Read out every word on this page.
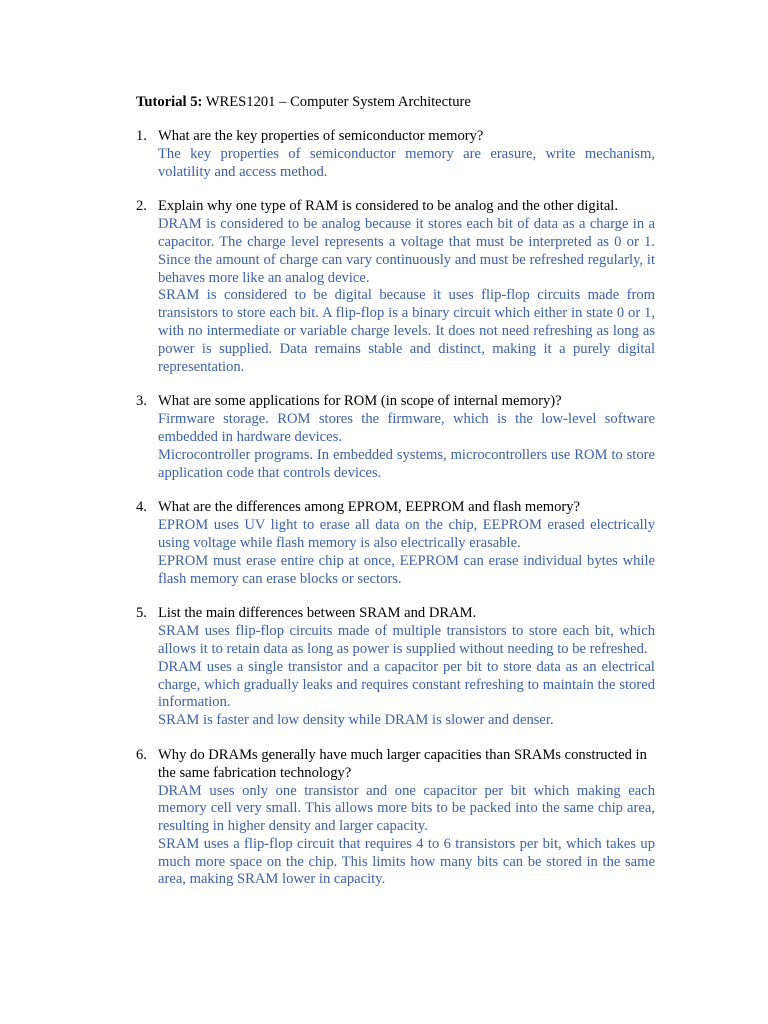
Tutorial 5: WRES1201 – Computer System Architecture
1. What are the key properties of semiconductor memory?
The key properties of semiconductor memory are erasure, write mechanism, volatility and access method.
2. Explain why one type of RAM is considered to be analog and the other digital.
DRAM is considered to be analog because it stores each bit of data as a charge in a capacitor. The charge level represents a voltage that must be interpreted as 0 or 1. Since the amount of charge can vary continuously and must be refreshed regularly, it behaves more like an analog device.
SRAM is considered to be digital because it uses flip-flop circuits made from transistors to store each bit. A flip-flop is a binary circuit which either in state 0 or 1, with no intermediate or variable charge levels. It does not need refreshing as long as power is supplied. Data remains stable and distinct, making it a purely digital representation.
3. What are some applications for ROM (in scope of internal memory)?
Firmware storage. ROM stores the firmware, which is the low-level software embedded in hardware devices.
Microcontroller programs. In embedded systems, microcontrollers use ROM to store application code that controls devices.
4. What are the differences among EPROM, EEPROM and flash memory?
EPROM uses UV light to erase all data on the chip, EEPROM erased electrically using voltage while flash memory is also electrically erasable.
EPROM must erase entire chip at once, EEPROM can erase individual bytes while flash memory can erase blocks or sectors.
5. List the main differences between SRAM and DRAM.
SRAM uses flip-flop circuits made of multiple transistors to store each bit, which allows it to retain data as long as power is supplied without needing to be refreshed.
DRAM uses a single transistor and a capacitor per bit to store data as an electrical charge, which gradually leaks and requires constant refreshing to maintain the stored information.
SRAM is faster and low density while DRAM is slower and denser.
6. Why do DRAMs generally have much larger capacities than SRAMs constructed in the same fabrication technology?
DRAM uses only one transistor and one capacitor per bit which making each memory cell very small. This allows more bits to be packed into the same chip area, resulting in higher density and larger capacity.
SRAM uses a flip-flop circuit that requires 4 to 6 transistors per bit, which takes up much more space on the chip. This limits how many bits can be stored in the same area, making SRAM lower in capacity.
